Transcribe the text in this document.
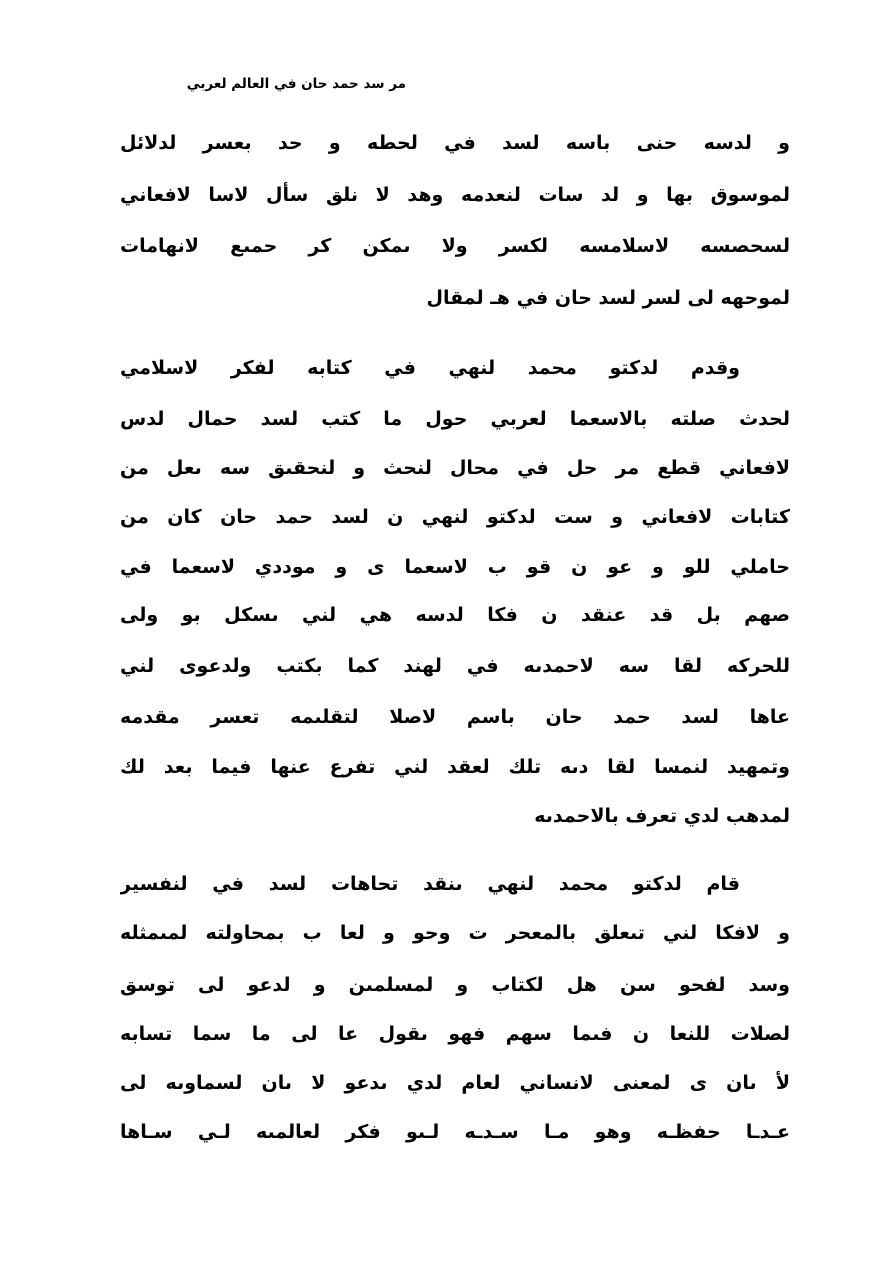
مر سد حمد حان في العالم لعربي
و لدسه حنى باسه لسد في لحطه و حد بعسر لدلائل
لموسوق بها و لد سات لنعدمه وهد لا نلق سأل لاسا لافعاني
لسحصسه لاسلامسه لكسر ولا ىمكن كر حمىع لانهامات
لموحهه لى لسر لسد حان في هـ لمقال
وقدم لدكتو محمد لنهي في كتابه لفكر لاسلامي
لحدث صلته بالاسعما لعربي حول ما كتب لسد حمال لدس
لافعاني قطع مر حل في محال لنحث و لنحقىق سه ىعل من
كتابات لافعاني و ست لدكتو لنهي ن لسد حمد حان كان من
حاملي للو و عو ن قو ب لاسعما ى و موددي لاسعما في
صهم بل قد عنقد ن فكا لدسه هي لني ىسكل بو ولى
للحركه لقا سه لاحمدىه في لهند كما بكتب ولدعوى لني
عاها لسد حمد حان باسم لاصلا لتقلىمه تعسر مقدمه
وتمهيد لنمسا لقا دىه تلك لعقد لني تفرع عنها فيما بعد لك
لمدهب لدي تعرف بالاحمدىه
قام لدكتو محمد لنهي ىنقد تحاهات لسد في لنفسير
و لافكا لني تىعلق بالمعحر ت وحو و لعا ب بمحاولته لمىمثله
وسد لفحو سن هل لكتاب و لمسلمىن و لدعو لى توسق
لصلات للنعا ن فىما سهم فهو ىقول عا لى ما سما تسابه
لأ ىان ى لمعنى لانساني لعام لدي ىدعو لا ىان لسماوىه لى
عـدـا حفظـه وهو مـا سـدـه لـىو فكر لعالمىه لـي سـاها
